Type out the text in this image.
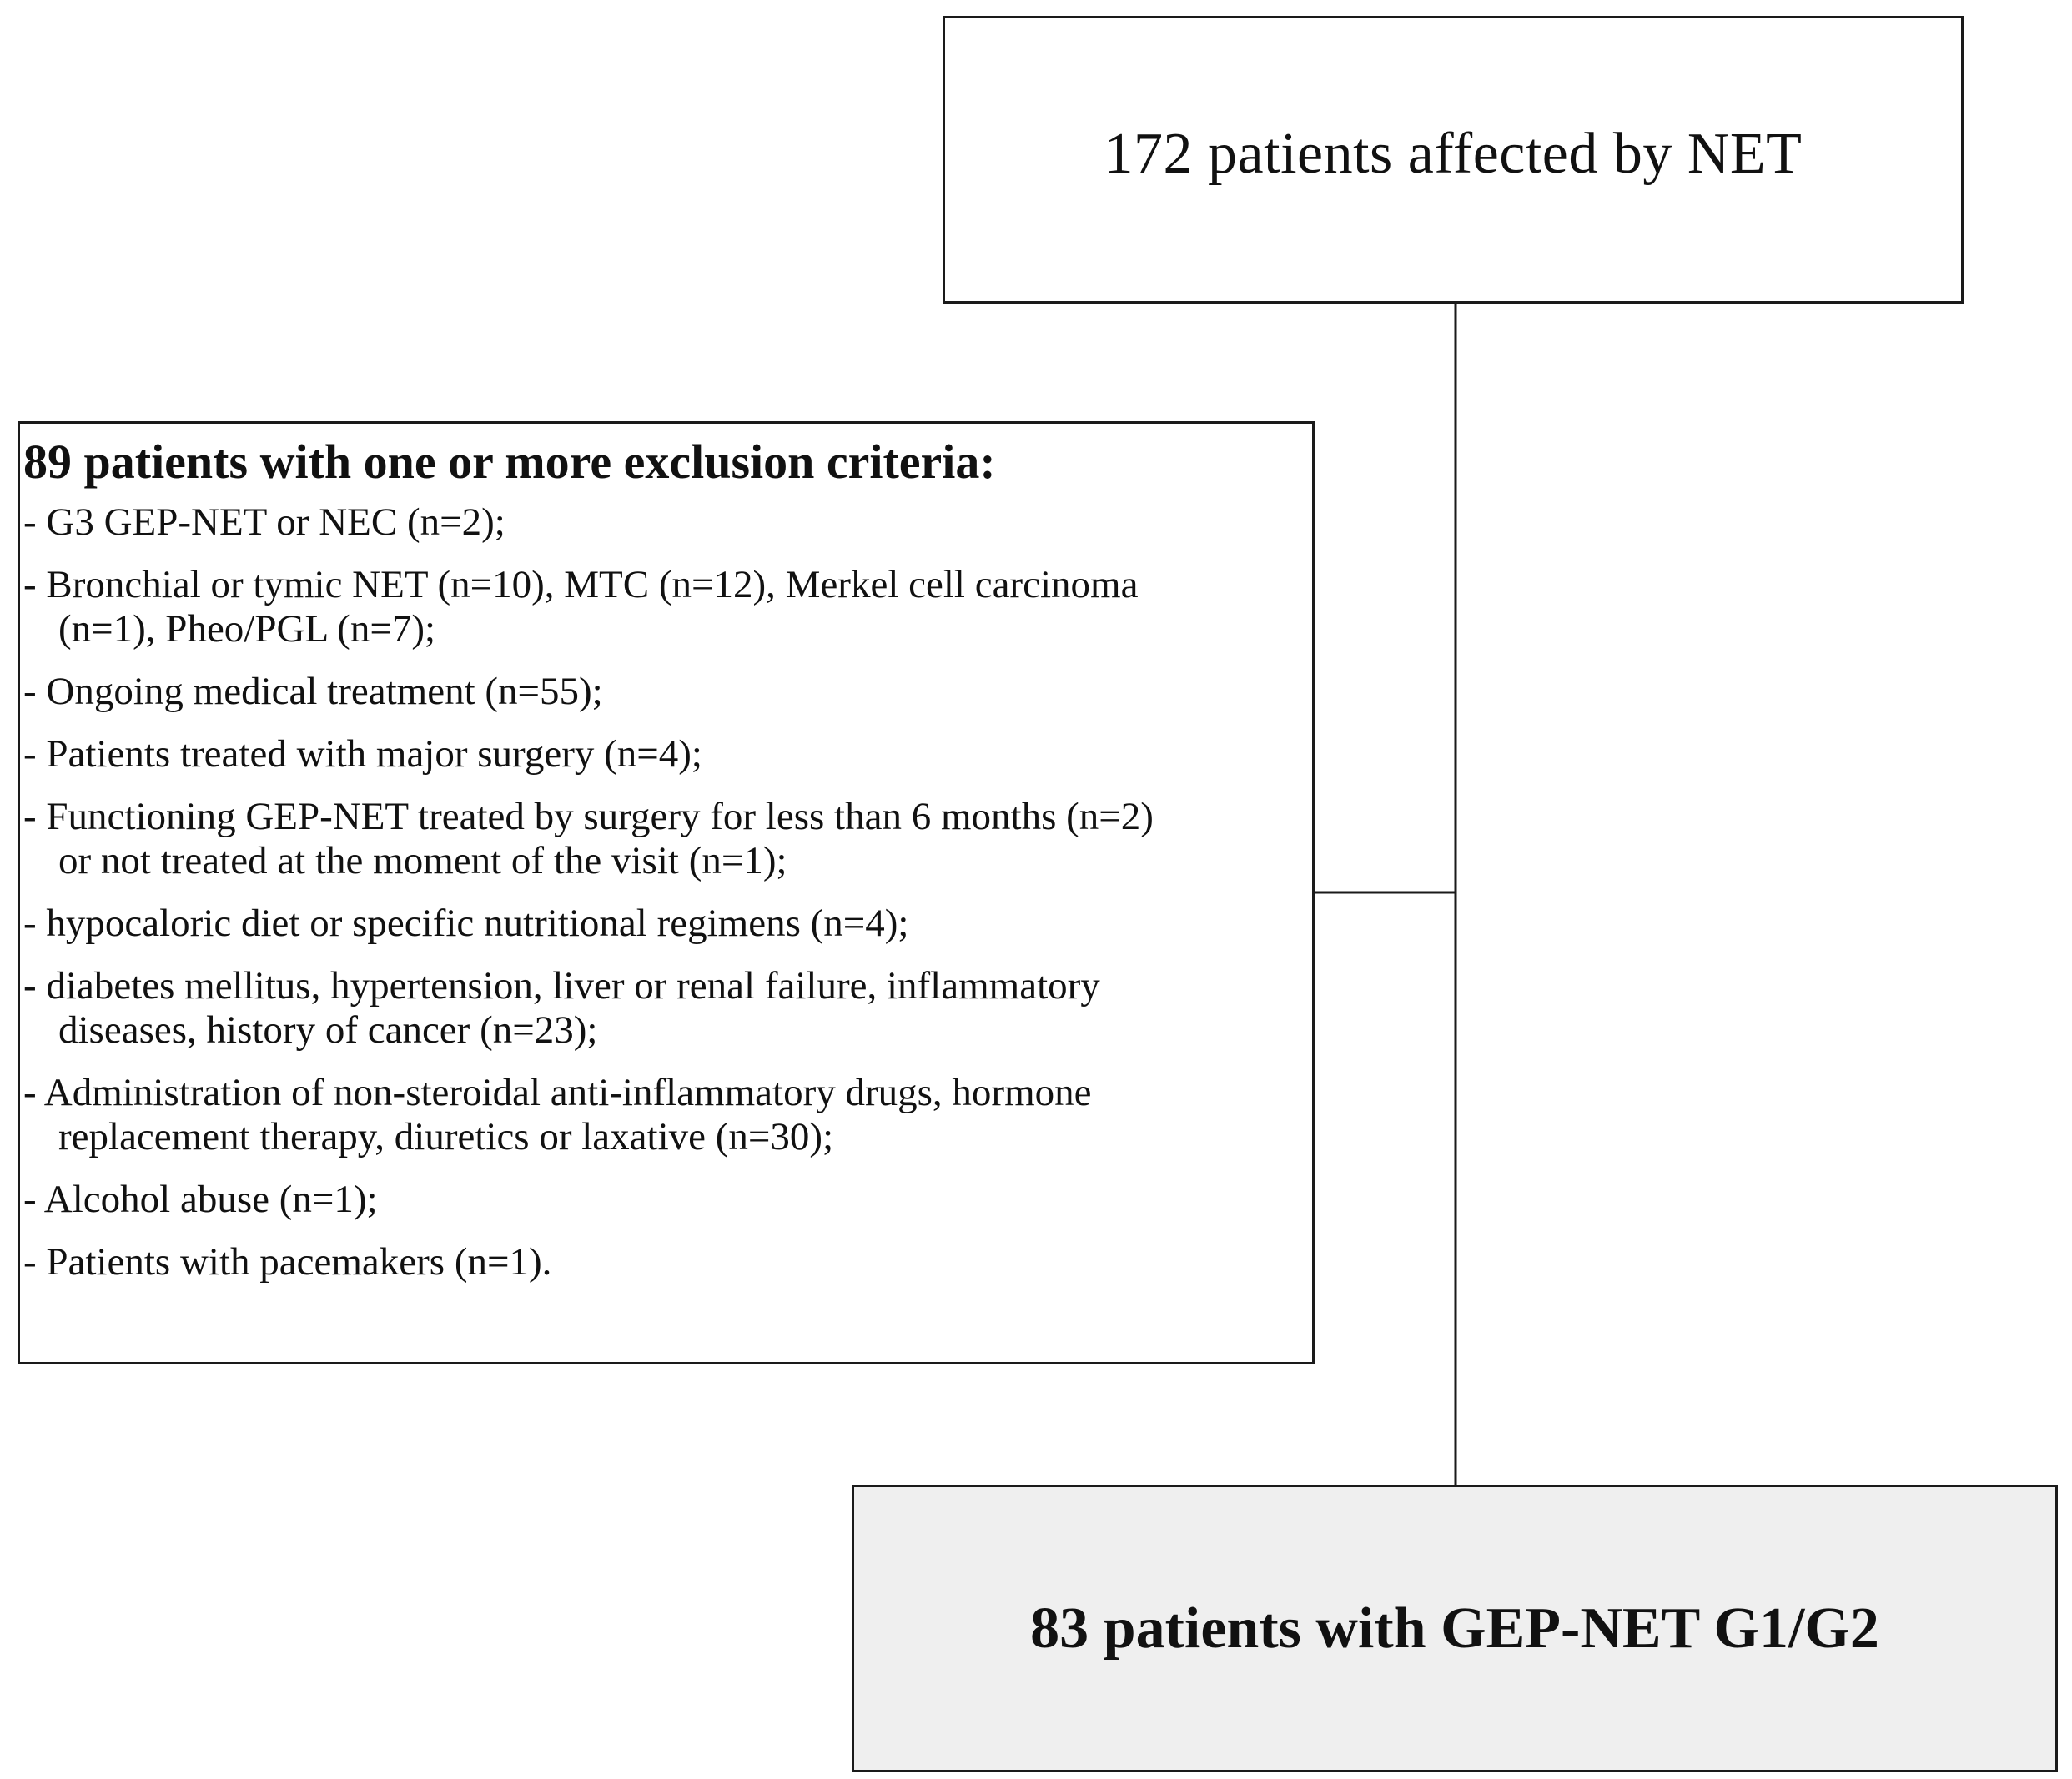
172 patients affected by NET
89 patients with one or more exclusion criteria:
- G3 GEP-NET or NEC (n=2);
- Bronchial or tymic NET (n=10), MTC (n=12), Merkel cell carcinoma
(n=1), Pheo/PGL (n=7);
- Ongoing medical treatment (n=55);
- Patients treated with major surgery (n=4);
- Functioning GEP-NET treated by surgery for less than 6 months (n=2)
or not treated at the moment of the visit (n=1);
- hypocaloric diet or specific nutritional regimens (n=4);
- diabetes mellitus, hypertension, liver or renal failure, inflammatory
diseases, history of cancer (n=23);
- Administration of non-steroidal anti-inflammatory drugs, hormone
replacement therapy, diuretics or laxative (n=30);
- Alcohol abuse (n=1);
- Patients with pacemakers (n=1).
83 patients with GEP-NET G1/G2
